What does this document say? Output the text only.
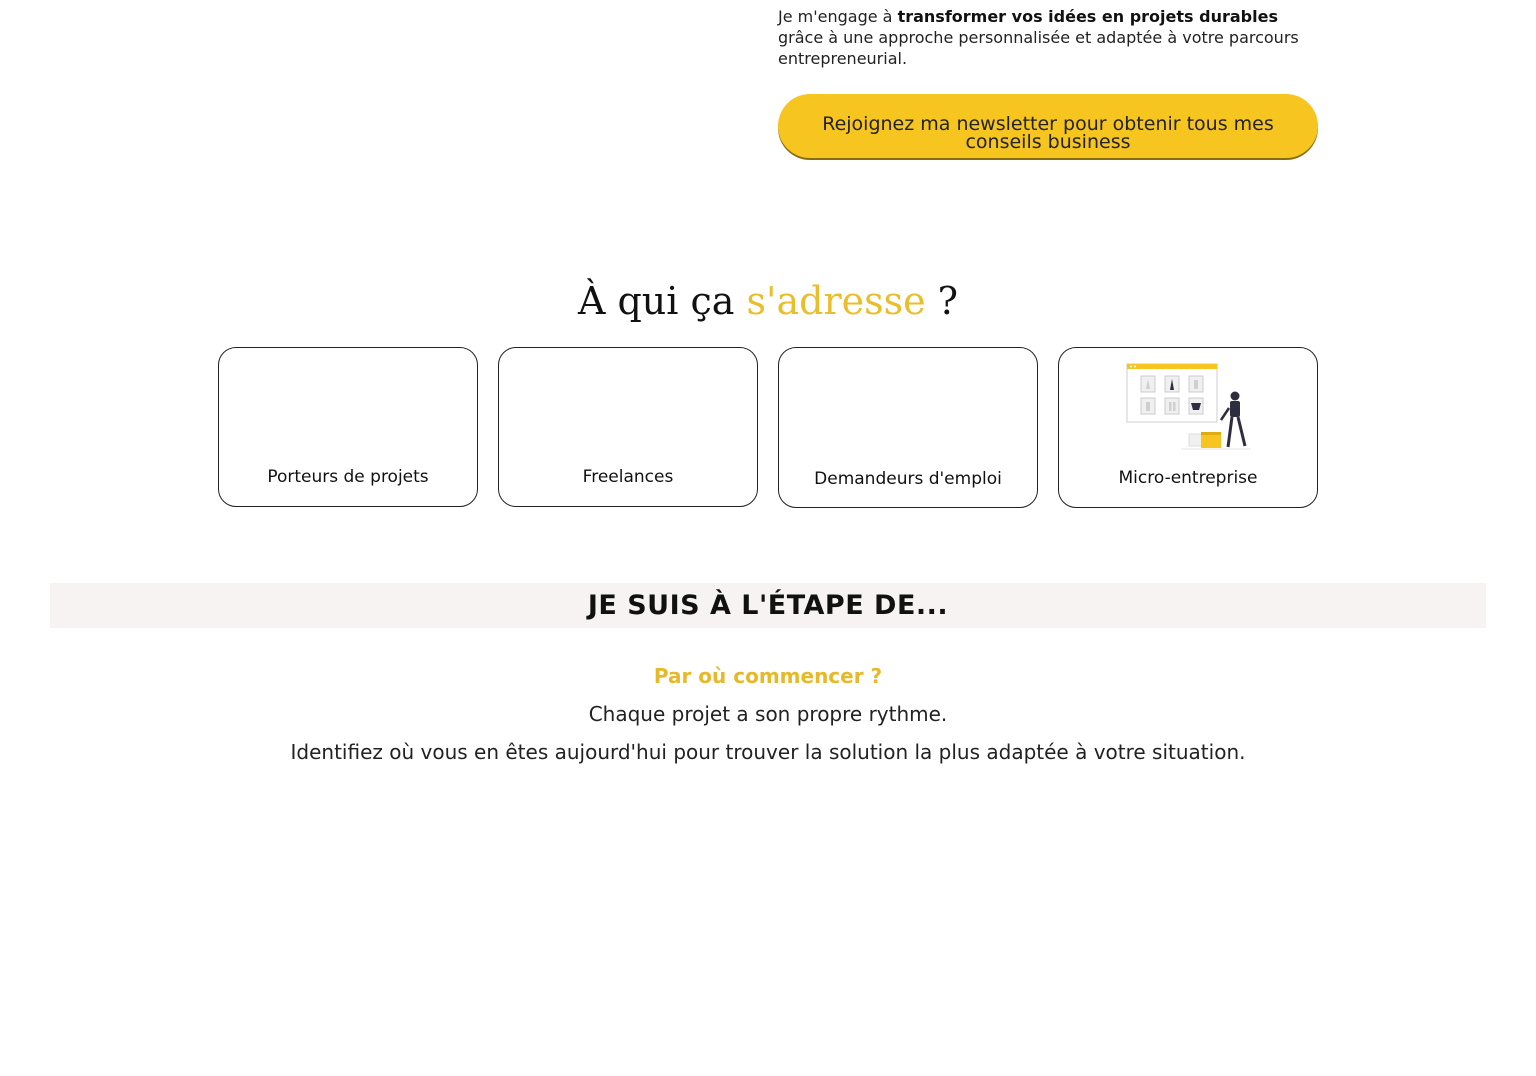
Je m'engage à transformer vos idées en projets durables grâce à une approche personnalisée et adaptée à votre parcours entrepreneurial.

Rejoignez ma newsletter pour obtenir tous mes conseils business
À qui ça s'adresse ?
Porteurs de projets	Freelances	Demandeurs d'emploi	Micro-entreprise
JE SUIS À L'ÉTAPE DE...
Par où commencer ?
Chaque projet a son propre rythme.
Identifiez où vous en êtes aujourd'hui pour trouver la solution la plus adaptée à votre situation.
